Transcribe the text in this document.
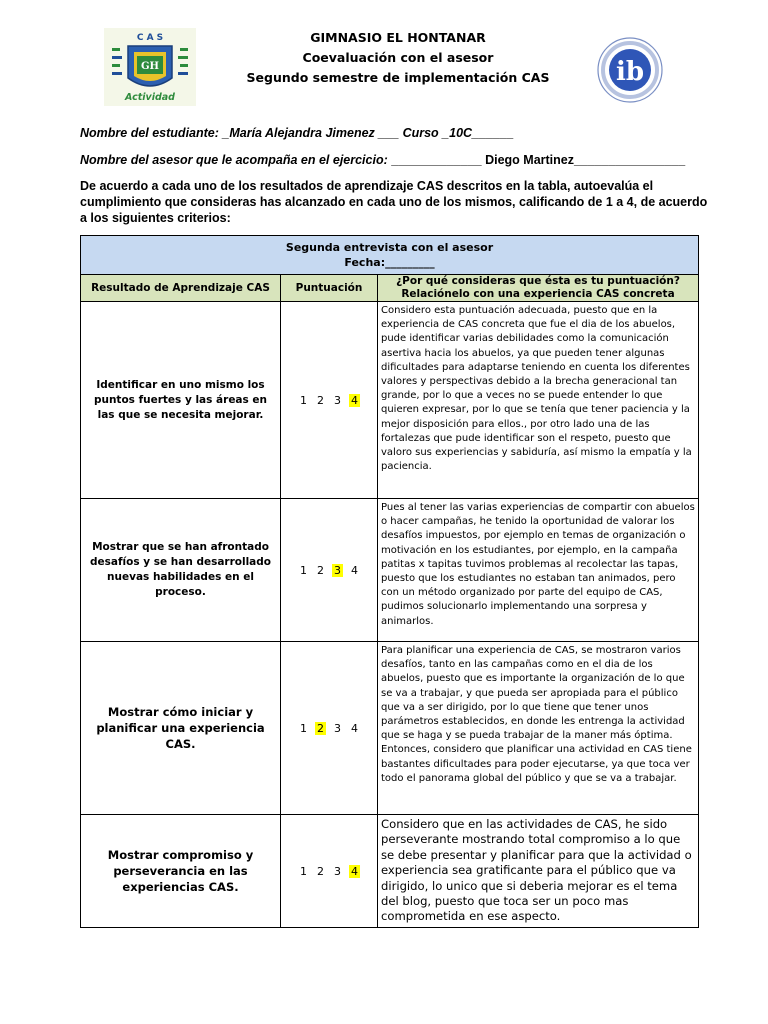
C A S
GH
Actividad
GIMNASIO EL HONTANAR
Coevaluación con el asesor
Segundo semestre de implementación CAS	ib
Nombre del estudiante: _María Alejandra Jimenez ___ Curso _10C______
Nombre del asesor que le acompaña en el ejercicio: _____________ Diego Martinez________________
De acuerdo a cada uno de los resultados de aprendizaje CAS descritos en la tabla, autoevalúa el cumplimiento que consideras has alcanzado en cada uno de los mismos, calificando de 1 a 4, de acuerdo a los siguientes criterios:
Segunda entrevista con el asesor
Fecha:_________		

Resultado de Aprendizaje CAS	Puntuación	¿Por qué consideras que ésta es tu puntuación? Relaciónelo con una experiencia CAS concreta
Identificar en uno mismo los puntos fuertes y las áreas en las que se necesita mejorar.	1 2 3 4	Considero esta puntuación adecuada, puesto que en la experiencia de CAS concreta que fue el dia de los abuelos, pude identificar varias debilidades como la comunicación asertiva hacia los abuelos, ya que pueden tener algunas dificultades para adaptarse teniendo en cuenta los diferentes valores y perspectivas debido a la brecha generacional tan grande, por lo que a veces no se puede entender lo que quieren expresar, por lo que se tenía que tener paciencia y la mejor disposición para ellos., por otro lado una de las fortalezas que pude identificar son el respeto, puesto que valoro sus experiencias y sabiduría, así mismo la empatía y la paciencia.
Mostrar que se han afrontado desafíos y se han desarrollado nuevas habilidades en el proceso.	1 2 3 4	Pues al tener las varias experiencias de compartir con abuelos o hacer campañas, he tenido la oportunidad de valorar los desafíos impuestos, por ejemplo en temas de organización o motivación en los estudiantes, por ejemplo, en la campaña patitas x tapitas tuvimos problemas al recolectar las tapas, puesto que los estudiantes no estaban tan animados, pero con un método organizado por parte del equipo de CAS, pudimos solucionarlo implementando una sorpresa y animarlos.
Mostrar cómo iniciar y planificar una experiencia CAS.	1 2 3 4	Para planificar una experiencia de CAS, se mostraron varios desafíos, tanto en las campañas como en el dia de los abuelos, puesto que es importante la organización de lo que se va a trabajar, y que pueda ser apropiada para el público que va a ser dirigido, por lo que tiene que tener unos parámetros establecidos, en donde les entrenga la actividad que se haga y se pueda trabajar de la maner más óptima. Entonces, considero que planificar una actividad en CAS tiene bastantes dificultades para poder ejecutarse, ya que toca ver todo el panorama global del público y que se va a trabajar.
Mostrar compromiso y perseverancia en las experiencias CAS.	1 2 3 4	Considero que en las actividades de CAS, he sido perseverante mostrando total compromiso a lo que se debe presentar y planificar para que la actividad o experiencia sea gratificante para el público que va dirigido, lo unico que si deberia mejorar es el tema del blog, puesto que toca ser un poco mas comprometida en ese aspecto.
